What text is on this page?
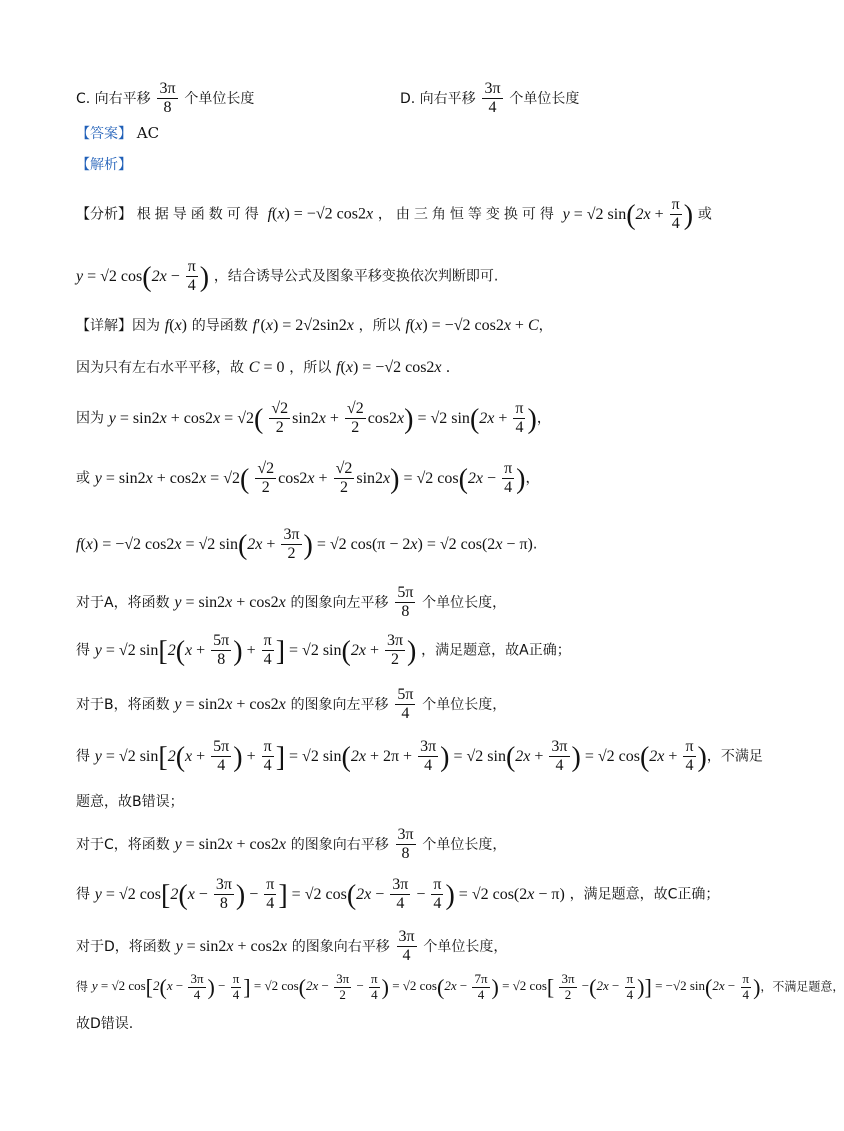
C. 向右平移 $\frac{3\pi}{8}$ 个单位长度	D. 向右平移 $\frac{3\pi}{4}$ 个单位长度
【答案】 AC
【解析】
【分析】 根据导函数可得 f(x) = −√2 cos2x ，由三角恒等变换可得 y = √2 $\sin(2x + \frac{\pi}{4}$ ) 或
y = √2 $\cos(2x - \frac{\pi}{4}$ ) ，结合诱导公式及图象平移变换依次判断即可.
【详解】因为 f(x) 的导函数 f′(x) = 2√2sin2x ，所以 f(x) = −√2 cos2x + C，
因为只有左右水平平移，故 C = 0 ，所以 f(x) = −√2 cos2x .
因为 $y = \sin 2x + \cos 2x = √2( \frac{√2}{2} \sin 2x + \frac{√2}{2} \cos 2x) = √2$ $\sin(2x + \frac{\pi}{4}$ )，
或 $y = \sin 2x + \cos 2x = √2( \frac{√2}{2} \cos 2x + \frac{√2}{2} \sin 2x) = √2$ $\cos(2x - \frac{\pi}{4}$ )，
f(x) = −√2 cos2x = √2 $\sin(2x + \frac{3\pi}{2}$ ) = √2 cos(π − 2x) = √2 cos(2x − π).
对于A，将函数 y = sin2x + cos2x 的图象向左平移 $\frac{5\pi}{8}$ 个单位长度，
得 y = √2 $\sin[2(x + \frac{5\pi}{8}$ ) + $\frac{\pi}{4}$ ] = √2 $\sin(2x + \frac{3\pi}{2}$ ) ，满足题意，故A正确；
对于B，将函数 y = sin2x + cos2x 的图象向左平移 $\frac{5\pi}{4}$ 个单位长度，
得 y = √2 $\sin[2(x + \frac{5\pi}{4}$ ) + $\frac{\pi}{4}$ ] = √2 $\sin(2x + 2\pi + \frac{3\pi}{4}$ ) = √2 $\sin(2x + \frac{3\pi}{4}$ ) = √2 $\cos(2x + \frac{\pi}{4}$ )，不满足
题意，故B错误；
对于C，将函数 y = sin2x + cos2x 的图象向右平移 $\frac{3\pi}{8}$ 个单位长度，
得 y = √2 $\cos[2(x - \frac{3\pi}{8}$ ) − $\frac{\pi}{4}$ ] = √2 $\cos(2x - \frac{3\pi}{4} - \frac{\pi}{4}$ ) = √2 cos(2x − π) ，满足题意，故C正确；
对于D，将函数 y = sin2x + cos2x 的图象向右平移 $\frac{3\pi}{4}$ 个单位长度，
得 y = √2 $\cos[2(x - \frac{3\pi}{4}$ ) − $\frac{\pi}{4}$ ] = √2 $\cos(2x - \frac{3\pi}{2} - \frac{\pi}{4}$ ) = √2 $\cos(2x - \frac{7\pi}{4}$ ) = √2 $\cos[ \frac{3\pi}{2} -(2x - \frac{\pi}{4}$ )] = −√2 $\sin(2x - \frac{\pi}{4}$ )，不满足题意，
故D错误.
